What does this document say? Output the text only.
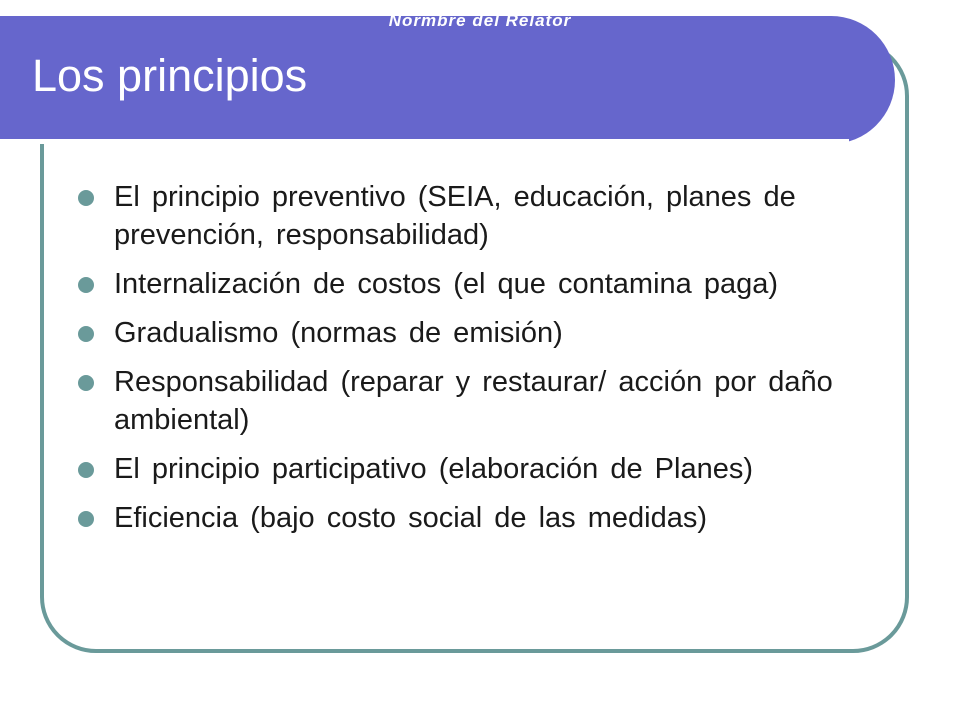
Normbre del Relator
Los principios
El principio preventivo (SEIA, educación, planes de prevención, responsabilidad)
Internalización de costos (el que contamina paga)
Gradualismo (normas de emisión)
Responsabilidad (reparar y restaurar/ acción por daño ambiental)
El principio participativo (elaboración de Planes)
Eficiencia (bajo costo social de las medidas)
